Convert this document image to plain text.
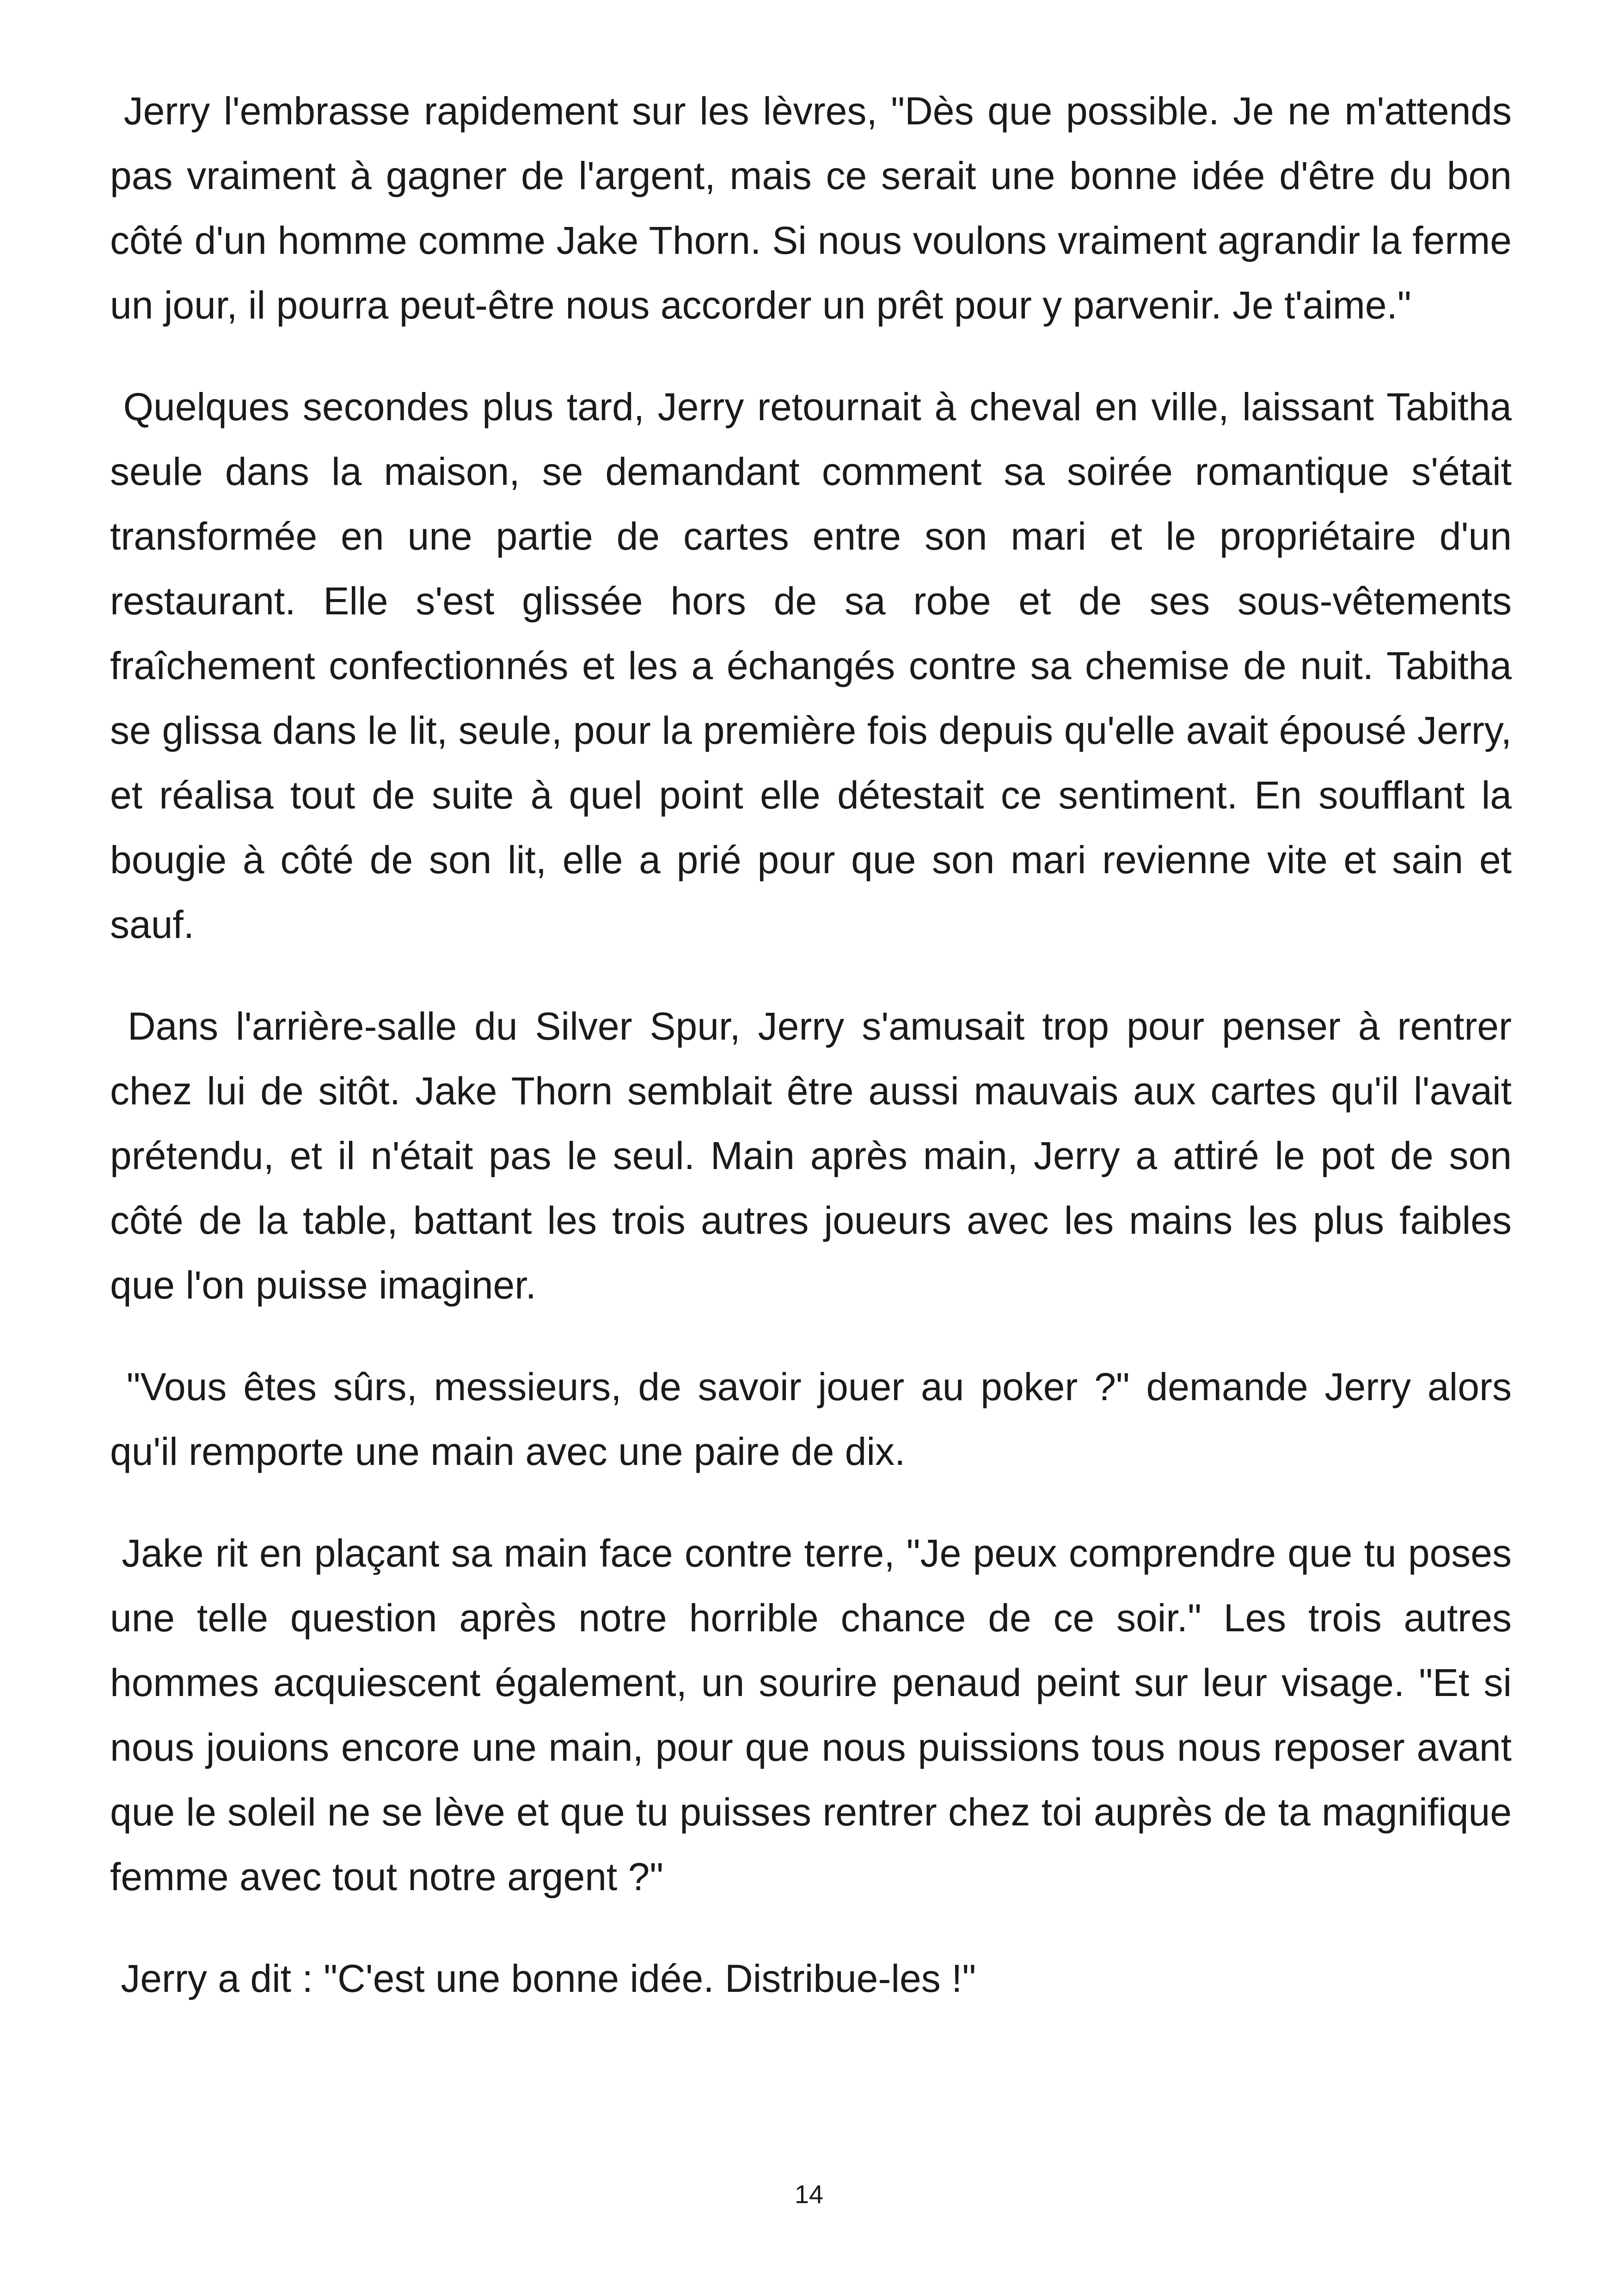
Jerry l'embrasse rapidement sur les lèvres, "Dès que possible. Je ne m'attends pas vraiment à gagner de l'argent, mais ce serait une bonne idée d'être du bon côté d'un homme comme Jake Thorn. Si nous voulons vraiment agrandir la ferme un jour, il pourra peut-être nous accorder un prêt pour y parvenir. Je t'aime."

Quelques secondes plus tard, Jerry retournait à cheval en ville, laissant Tabitha seule dans la maison, se demandant comment sa soirée romantique s'était transformée en une partie de cartes entre son mari et le propriétaire d'un restaurant. Elle s'est glissée hors de sa robe et de ses sous-vêtements fraîchement confectionnés et les a échangés contre sa chemise de nuit. Tabitha se glissa dans le lit, seule, pour la première fois depuis qu'elle avait épousé Jerry, et réalisa tout de suite à quel point elle détestait ce sentiment. En soufflant la bougie à côté de son lit, elle a prié pour que son mari revienne vite et sain et sauf.

Dans l'arrière-salle du Silver Spur, Jerry s'amusait trop pour penser à rentrer chez lui de sitôt. Jake Thorn semblait être aussi mauvais aux cartes qu'il l'avait prétendu, et il n'était pas le seul. Main après main, Jerry a attiré le pot de son côté de la table, battant les trois autres joueurs avec les mains les plus faibles que l'on puisse imaginer.

"Vous êtes sûrs, messieurs, de savoir jouer au poker ?" demande Jerry alors qu'il remporte une main avec une paire de dix.

Jake rit en plaçant sa main face contre terre, "Je peux comprendre que tu poses une telle question après notre horrible chance de ce soir." Les trois autres hommes acquiescent également, un sourire penaud peint sur leur visage. "Et si nous jouions encore une main, pour que nous puissions tous nous reposer avant que le soleil ne se lève et que tu puisses rentrer chez toi auprès de ta magnifique femme avec tout notre argent ?"

Jerry a dit : "C'est une bonne idée. Distribue-les !"

14
